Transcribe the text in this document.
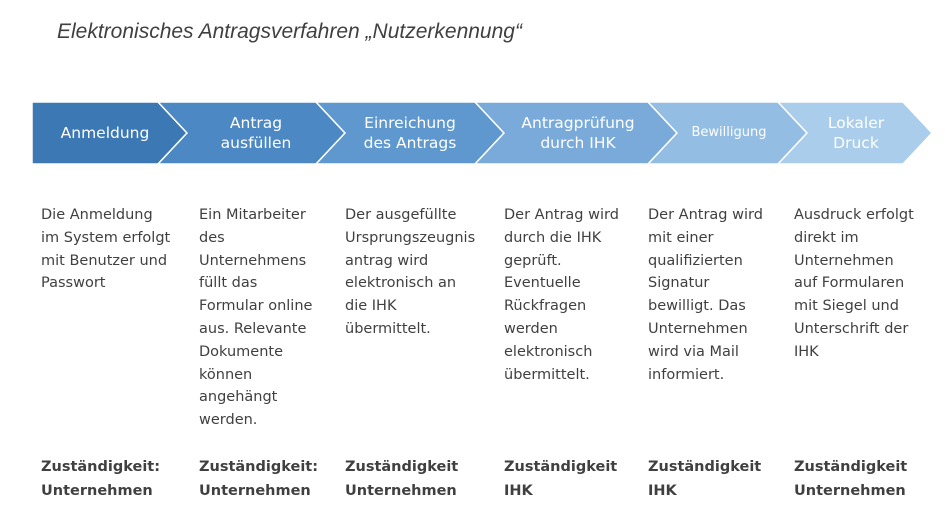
Elektronisches Antragsverfahren „Nutzerkennung“
Anmeldung
Antrag
ausfüllen
Einreichung
des Antrags
Antragprüfung
durch IHK
Bewilligung
Lokaler
Druck
Die Anmeldung
im System erfolgt
mit Benutzer und
Passwort
Ein Mitarbeiter
des
Unternehmens
füllt das
Formular online
aus. Relevante
Dokumente
können
angehängt
werden.
Der ausgefüllte
Ursprungszeugnis
antrag wird
elektronisch an
die IHK
übermittelt.
Der Antrag wird
durch die IHK
geprüft.
Eventuelle
Rückfragen
werden
elektronisch
übermittelt.
Der Antrag wird
mit einer
qualifizierten
Signatur
bewilligt. Das
Unternehmen
wird via Mail
informiert.
Ausdruck erfolgt
direkt im
Unternehmen
auf Formularen
mit Siegel und
Unterschrift der
IHK
Zuständigkeit:
Unternehmen
Zuständigkeit:
Unternehmen
Zuständigkeit
Unternehmen
Zuständigkeit
IHK
Zuständigkeit
IHK
Zuständigkeit
Unternehmen
